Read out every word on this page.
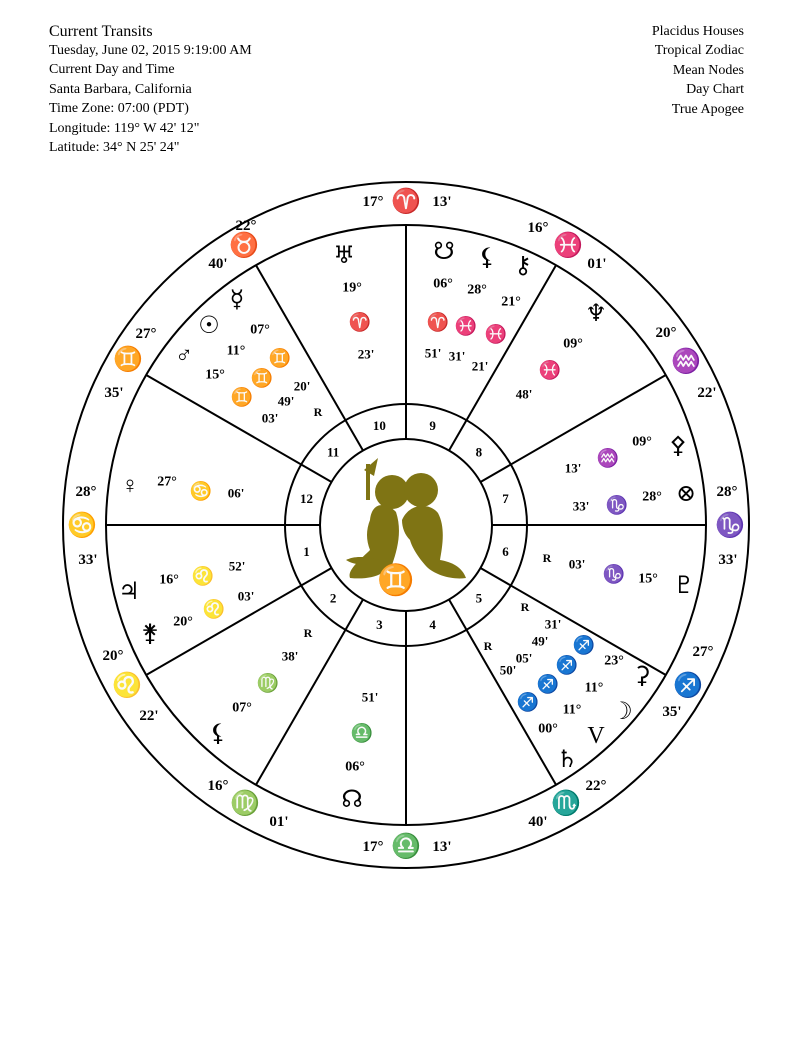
Current Transits
Tuesday, June 02, 2015 9:19:00 AM
Current Day and Time
Santa Barbara, California
Time Zone: 07:00 (PDT)
Longitude: 119° W 42' 12"
Latitude: 34° N 25' 24"
Placidus Houses
Tropical Zodiac
Mean Nodes
Day Chart
True Apogee
1
2
3	4
5
6
7
8
9
10
11
12
♊
28°
♋
33'
20°
♌
22'
16°
♍
01'
17° ♎ 13'
22°
♏
40'
27°
♐
35'
28°
♑
33'
20°
♒
22'
16°
♓
01'
17° ♈ 13'
22°
♉
40'
27°
♊
35'
♅
19°
♈
23'
☋
06°
♈
51'
⚸
28°
♓
31'
⚷
21°
♓
21'
♆
09°
♓
48'
⚴
09°
♒
13'
⊗
28°
♑
33'
♇
15°
♑
03'
R
⚳
23°
♐
31'
R
☽
11°
♐
49'
V
11°
♐
05'
♄
00°
♐
50'
R
☊
06°
♎
51'
⚸
07°
♍
38'
R
♃ 16° ♌ 52'
⚵ 20°
♌
03'
♀ 27° ♋ 06'
☿
07°
♊
03'	R
☉
11°
♊
49'
♂
15°
♊
20'
